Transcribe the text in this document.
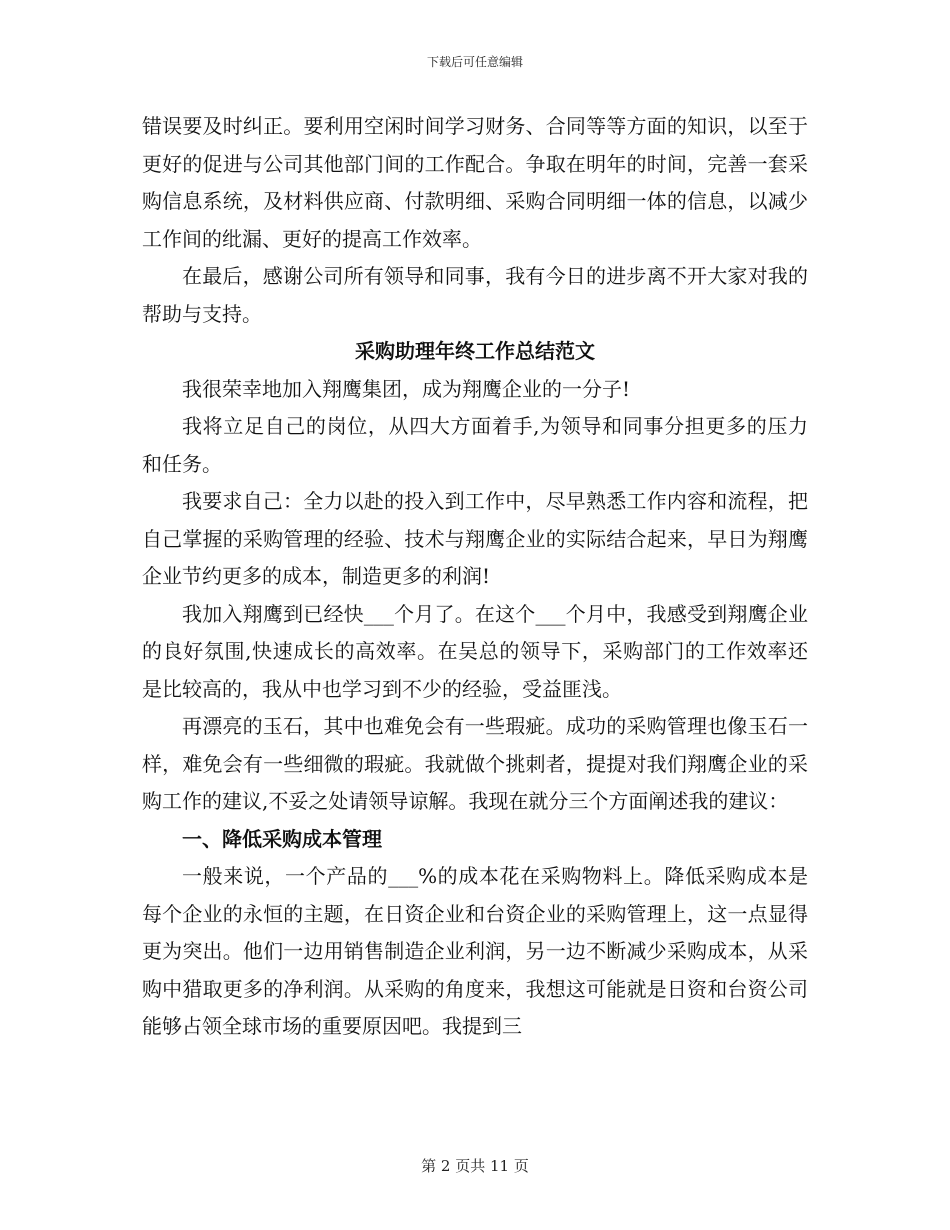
下载后可任意编辑

错误要及时纠正。要利用空闲时间学习财务、合同等等方面的知识，以至于更好的促进与公司其他部门间的工作配合。争取在明年的时间，完善一套采购信息系统，及材料供应商、付款明细、采购合同明细一体的信息，以减少工作间的纰漏、更好的提高工作效率。

在最后，感谢公司所有领导和同事，我有今日的进步离不开大家对我的帮助与支持。

采购助理年终工作总结范文

我很荣幸地加入翔鹰集团，成为翔鹰企业的一分子!

我将立足自己的岗位，从四大方面着手,为领导和同事分担更多的压力和任务。

我要求自己：全力以赴的投入到工作中，尽早熟悉工作内容和流程，把自己掌握的采购管理的经验、技术与翔鹰企业的实际结合起来，早日为翔鹰企业节约更多的成本，制造更多的利润!

我加入翔鹰到已经快___个月了。在这个___个月中，我感受到翔鹰企业的良好氛围,快速成长的高效率。在吴总的领导下，采购部门的工作效率还是比较高的，我从中也学习到不少的经验，受益匪浅。

再漂亮的玉石，其中也难免会有一些瑕疵。成功的采购管理也像玉石一样，难免会有一些细微的瑕疵。我就做个挑刺者，提提对我们翔鹰企业的采购工作的建议,不妥之处请领导谅解。我现在就分三个方面阐述我的建议：

一、降低采购成本管理

一般来说，一个产品的___%的成本花在采购物料上。降低采购成本是每个企业的永恒的主题，在日资企业和台资企业的采购管理上，这一点显得更为突出。他们一边用销售制造企业利润，另一边不断减少采购成本，从采购中猎取更多的净利润。从采购的角度来，我想这可能就是日资和台资公司能够占领全球市场的重要原因吧。我提到三

第 2 页共 11 页
